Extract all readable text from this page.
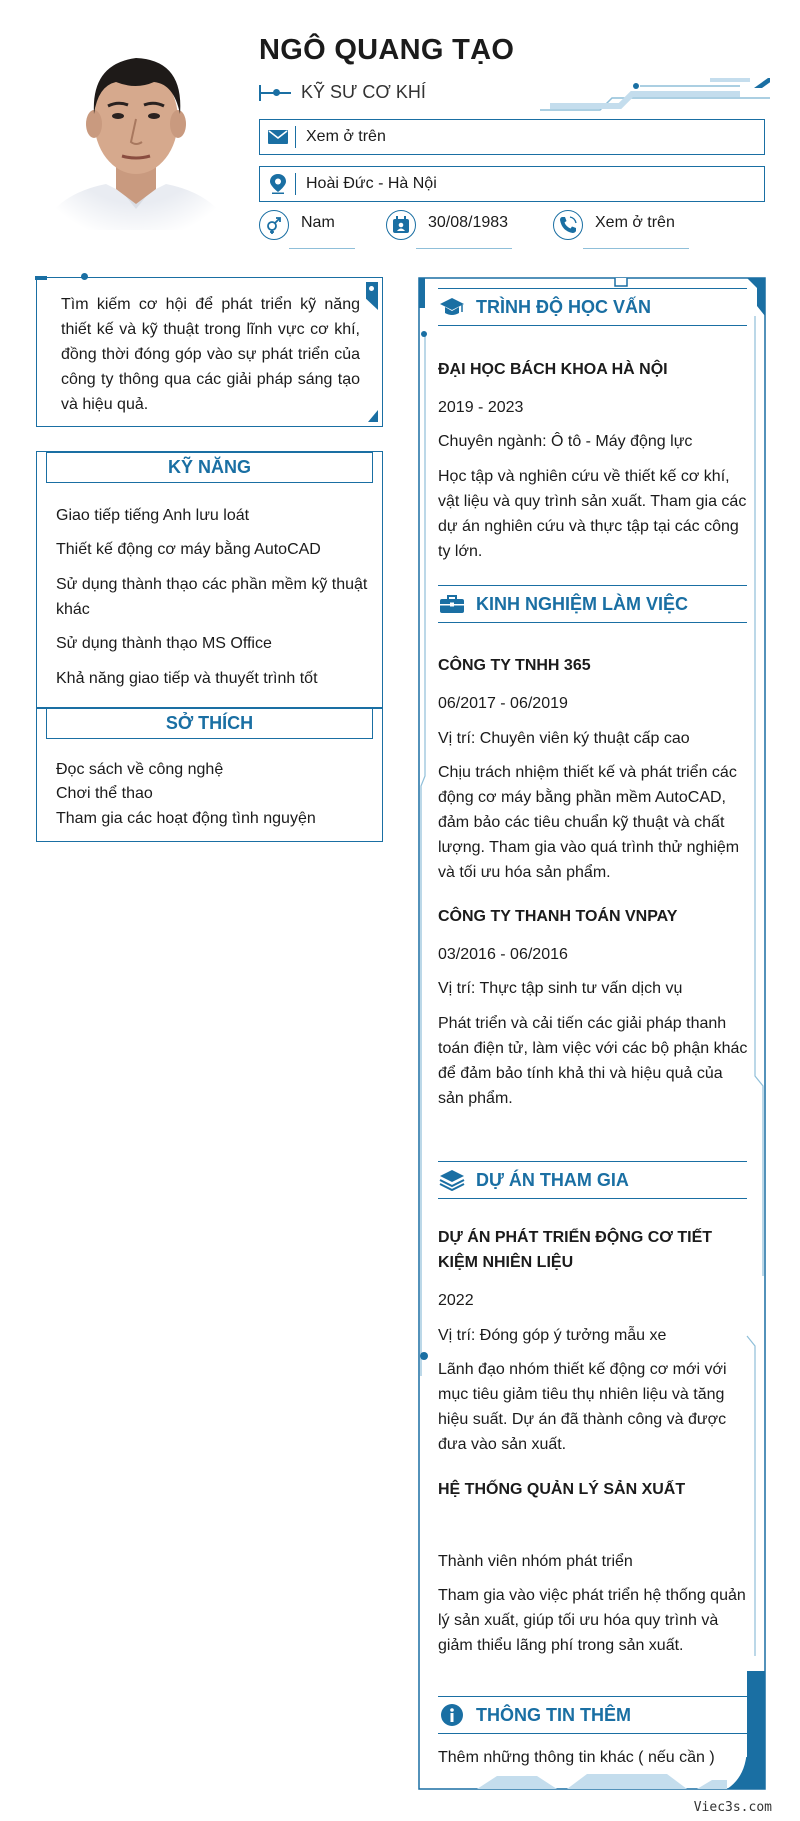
NGÔ QUANG TẠO
KỸ SƯ CƠ KHÍ
Xem ở trên
Hoài Đức - Hà Nội
Nam	30/08/1983	Xem ở trên

Tìm kiếm cơ hội để phát triển kỹ năng thiết kế và kỹ thuật trong lĩnh vực cơ khí, đồng thời đóng góp vào sự phát triển của công ty thông qua các giải pháp sáng tạo và hiệu quả.

KỸ NĂNG
Giao tiếp tiếng Anh lưu loát
Thiết kế động cơ máy bằng AutoCAD
Sử dụng thành thạo các phần mềm kỹ thuật khác
Sử dụng thành thạo MS Office
Khả năng giao tiếp và thuyết trình tốt
SỞ THÍCH
Đọc sách về công nghệ
Chơi thể thao
Tham gia các hoạt động tình nguyện
TRÌNH ĐỘ HỌC VẤN
ĐẠI HỌC BÁCH KHOA HÀ NỘI
2019 - 2023
Chuyên ngành: Ô tô - Máy động lực
Học tập và nghiên cứu về thiết kế cơ khí, vật liệu và quy trình sản xuất. Tham gia các dự án nghiên cứu và thực tập tại các công ty lớn.
KINH NGHIỆM LÀM VIỆC
CÔNG TY TNHH 365
06/2017 - 06/2019
Vị trí: Chuyên viên ký thuật cấp cao
Chịu trách nhiệm thiết kế và phát triển các động cơ máy bằng phần mềm AutoCAD, đảm bảo các tiêu chuẩn kỹ thuật và chất lượng. Tham gia vào quá trình thử nghiệm và tối ưu hóa sản phẩm.
CÔNG TY THANH TOÁN VNPAY
03/2016 - 06/2016
Vị trí: Thực tập sinh tư vấn dịch vụ
Phát triển và cải tiến các giải pháp thanh toán điện tử, làm việc với các bộ phận khác để đảm bảo tính khả thi và hiệu quả của sản phẩm.
DỰ ÁN THAM GIA
DỰ ÁN PHÁT TRIỂN ĐỘNG CƠ TIẾT KIỆM NHIÊN LIỆU
2022
Vị trí: Đóng góp ý tưởng mẫu xe
Lãnh đạo nhóm thiết kế động cơ mới với mục tiêu giảm tiêu thụ nhiên liệu và tăng hiệu suất. Dự án đã thành công và được đưa vào sản xuất.
HỆ THỐNG QUẢN LÝ SẢN XUẤT
Thành viên nhóm phát triển
Tham gia vào việc phát triển hệ thống quản lý sản xuất, giúp tối ưu hóa quy trình và giảm thiểu lãng phí trong sản xuất.
THÔNG TIN THÊM
Thêm những thông tin khác ( nếu cần )
Viec3s.com
